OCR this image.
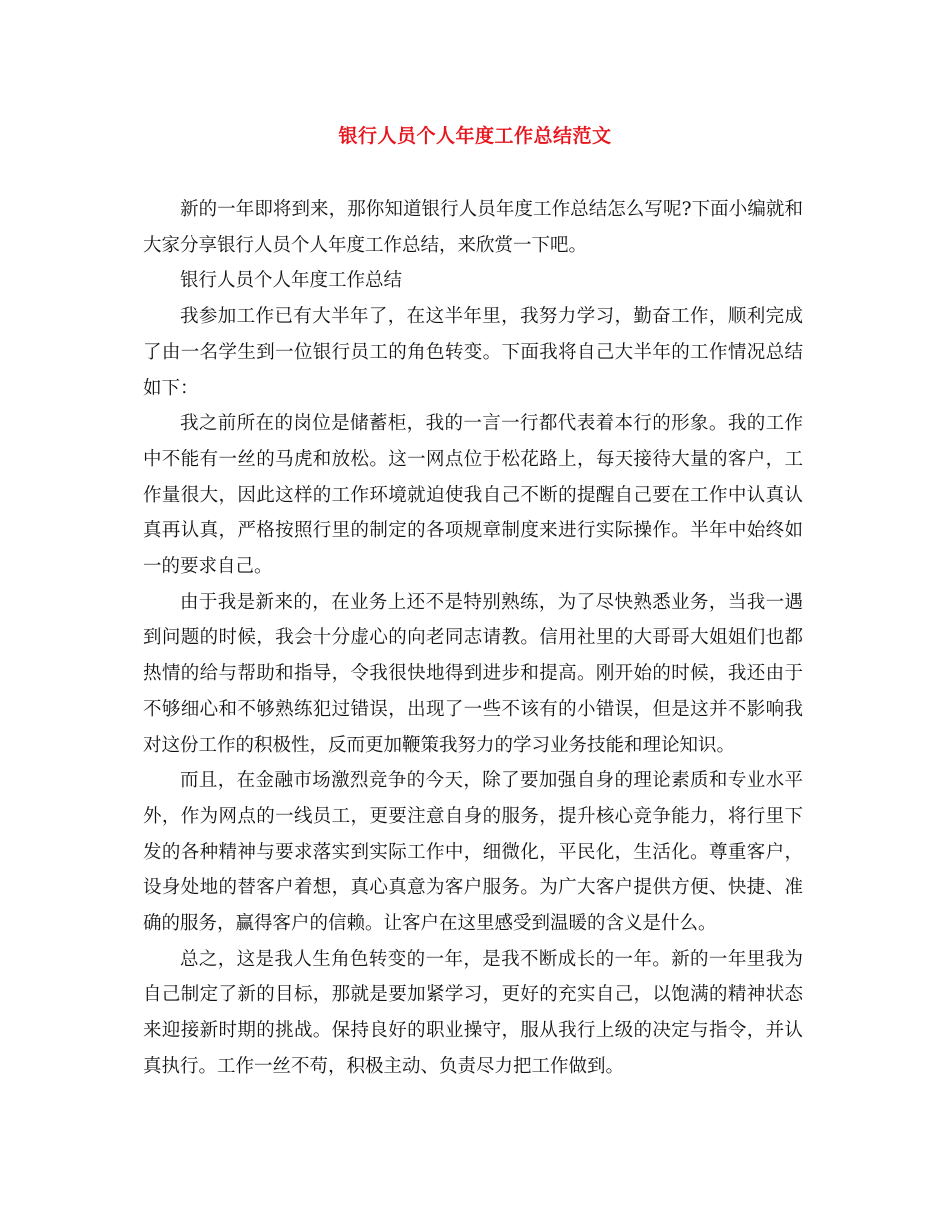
银行人员个人年度工作总结范文

新的一年即将到来，那你知道银行人员年度工作总结怎么写呢?下面小编就和大家分享银行人员个人年度工作总结，来欣赏一下吧。

银行人员个人年度工作总结

我参加工作已有大半年了，在这半年里，我努力学习，勤奋工作，顺利完成了由一名学生到一位银行员工的角色转变。下面我将自己大半年的工作情况总结如下：

我之前所在的岗位是储蓄柜，我的一言一行都代表着本行的形象。我的工作中不能有一丝的马虎和放松。这一网点位于松花路上，每天接待大量的客户，工作量很大，因此这样的工作环境就迫使我自己不断的提醒自己要在工作中认真认真再认真，严格按照行里的制定的各项规章制度来进行实际操作。半年中始终如一的要求自己。

由于我是新来的，在业务上还不是特别熟练，为了尽快熟悉业务，当我一遇到问题的时候，我会十分虚心的向老同志请教。信用社里的大哥哥大姐姐们也都热情的给与帮助和指导，令我很快地得到进步和提高。刚开始的时候，我还由于不够细心和不够熟练犯过错误，出现了一些不该有的小错误，但是这并不影响我对这份工作的积极性，反而更加鞭策我努力的学习业务技能和理论知识。

而且，在金融市场激烈竞争的今天，除了要加强自身的理论素质和专业水平外，作为网点的一线员工，更要注意自身的服务，提升核心竞争能力，将行里下发的各种精神与要求落实到实际工作中，细微化，平民化，生活化。尊重客户，设身处地的替客户着想，真心真意为客户服务。为广大客户提供方便、快捷、准确的服务，赢得客户的信赖。让客户在这里感受到温暖的含义是什么。

总之，这是我人生角色转变的一年，是我不断成长的一年。新的一年里我为自己制定了新的目标，那就是要加紧学习，更好的充实自己，以饱满的精神状态来迎接新时期的挑战。保持良好的职业操守，服从我行上级的决定与指令，并认真执行。工作一丝不苟，积极主动、负责尽力把工作做到。
